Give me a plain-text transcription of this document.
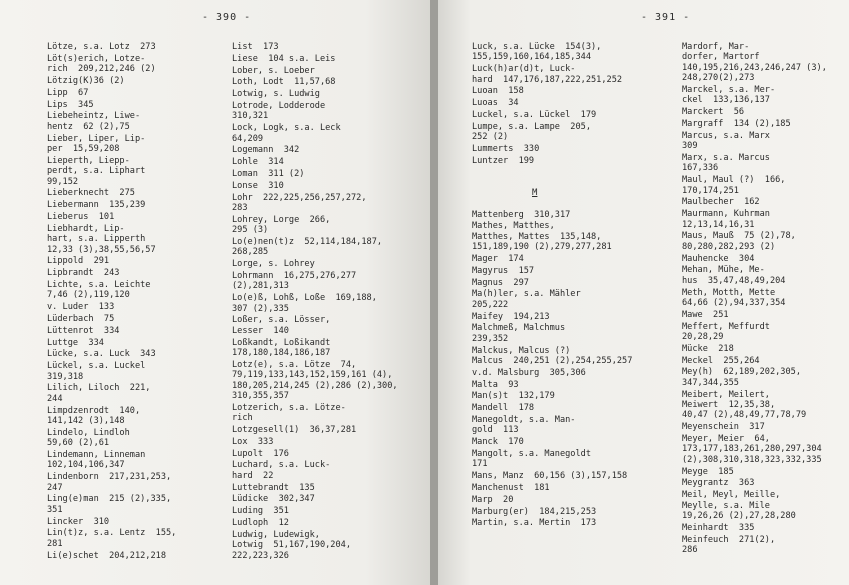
- 390 -
Lötze, s.a. Lotz  273
Löt(s)erich, Lotze-
rich  209,212,246 (2)
Lötzig(K)36 (2)
Lipp  67
Lips  345
Liebeheintz, Liwe-
hentz  62 (2),75
Lieber, Liper, Lip-
per  15,59,208
Lieperth, Liepp-
perdt, s.a. Liphart
99,152
Lieberknecht  275
Liebermann  135,239
Lieberus  101
Liebhardt, Lip-
hart, s.a. Lipperth
12,33 (3),38,55,56,57
Lippold  291
Lipbrandt  243
Lichte, s.a. Leichte
7,46 (2),119,120
v. Luder  133
Lüderbach  75
Lüttenrot  334
Luttge  334
Lücke, s.a. Luck  343
Lückel, s.a. Luckel
319,318
Lilich, Liloch  221,
244
Limpdzenrodt  140,
141,142 (3),148
Lindelo, Lindloh
59,60 (2),61
Lindemann, Linneman
102,104,106,347
Lindenborn  217,231,253,
247
Ling(e)man  215 (2),335,
351
Lincker  310
Lin(t)z, s.a. Lentz  155,
281
Li(e)schet  204,212,218
List  173
Liese  104 s.a. Leis
Lober, s. Loeber
Loth, Lodt  11,57,68
Lotwig, s. Ludwig
Lotrode, Lodderode
310,321
Lock, Logk, s.a. Leck
64,209
Logemann  342
Lohle  314
Loman  311 (2)
Lonse  310
Lohr  222,225,256,257,272,
283
Lohrey, Lorge  266,
295 (3)
Lo(e)nen(t)z  52,114,184,187,
268,285
Lorge, s. Lohrey
Lohrmann  16,275,276,277
(2),281,313
Lo(e)ß, Lohß, Loße  169,188,
307 (2),335
Loßer, s.a. Lösser,
Lesser  140
Loßkandt, Loßikandt
178,180,184,186,187
Lotz(e), s.a. Lötze  74,
79,119,133,143,152,159,161 (4),
180,205,214,245 (2),286 (2),300,
310,355,357
Lotzerich, s.a. Lötze-
rich
Lotzgesell(1)  36,37,281
Lox  333
Lupolt  176
Luchard, s.a. Luck-
hard  22
Luttebrandt  135
Lüdicke  302,347
Luding  351
Ludloph  12
Ludwig, Ludewigk,
Lotwig  51,167,190,204,
222,223,326
- 391 -
Luck, s.a. Lücke  154(3),
155,159,160,164,185,344
Luck(h)ar(d)t, Luck-
hard  147,176,187,222,251,252
Luoan  158
Luoas  34
Luckel, s.a. Lückel  179
Lumpe, s.a. Lampe  205,
252 (2)
Lummerts  330
Luntzer  199
M
Mattenberg  310,317
Mathes, Matthes,
Matthes, Mattes  135,148,
151,189,190 (2),279,277,281
Mager  174
Magyrus  157
Magnus  297
Ma(h)ler, s.a. Mähler
205,222
Maifey  194,213
Malchmeß, Malchmus
239,352
Malckus, Malcus (?)
Malcus  240,251 (2),254,255,257
v.d. Malsburg  305,306
Malta  93
Man(s)t  132,179
Mandell  178
Manegoldt, s.a. Man-
gold  113
Manck  170
Mangolt, s.a. Manegoldt
171
Mans, Manz  60,156 (3),157,158
Manchenust  181
Marp  20
Marburg(er)  184,215,253
Martin, s.a. Mertin  173
Mardorf, Mar-
dorfer, Martorf
140,195,216,243,246,247 (3),
248,270(2),273
Marckel, s.a. Mer-
ckel  133,136,137
Marckert  56
Margraff  134 (2),185
Marcus, s.a. Marx
309
Marx, s.a. Marcus
167,336
Maul, Maul (?)  166,
170,174,251
Maulbecher  162
Maurmann, Kuhrman
12,13,14,16,31
Maus, Mauß  75 (2),78,
80,280,282,293 (2)
Mauhencke  304
Mehan, Mühe, Me-
hus  35,47,48,49,204
Meth, Motth, Mette
64,66 (2),94,337,354
Mawe  251
Meffert, Meffurdt
20,28,29
Mücke  218
Meckel  255,264
Mey(h)  62,189,202,305,
347,344,355
Meibert, Meilert,
Meiwert  12,35,38,
40,47 (2),48,49,77,78,79
Meyenschein  317
Meyer, Meier  64,
173,177,183,261,280,297,304
(2),308,310,318,323,332,335
Meyge  185
Meygrantz  363
Meil, Meyl, Meille,
Meylle, s.a. Mile
19,26,26 (2),27,28,280
Meinhardt  335
Meinfeuch  271(2),
286
